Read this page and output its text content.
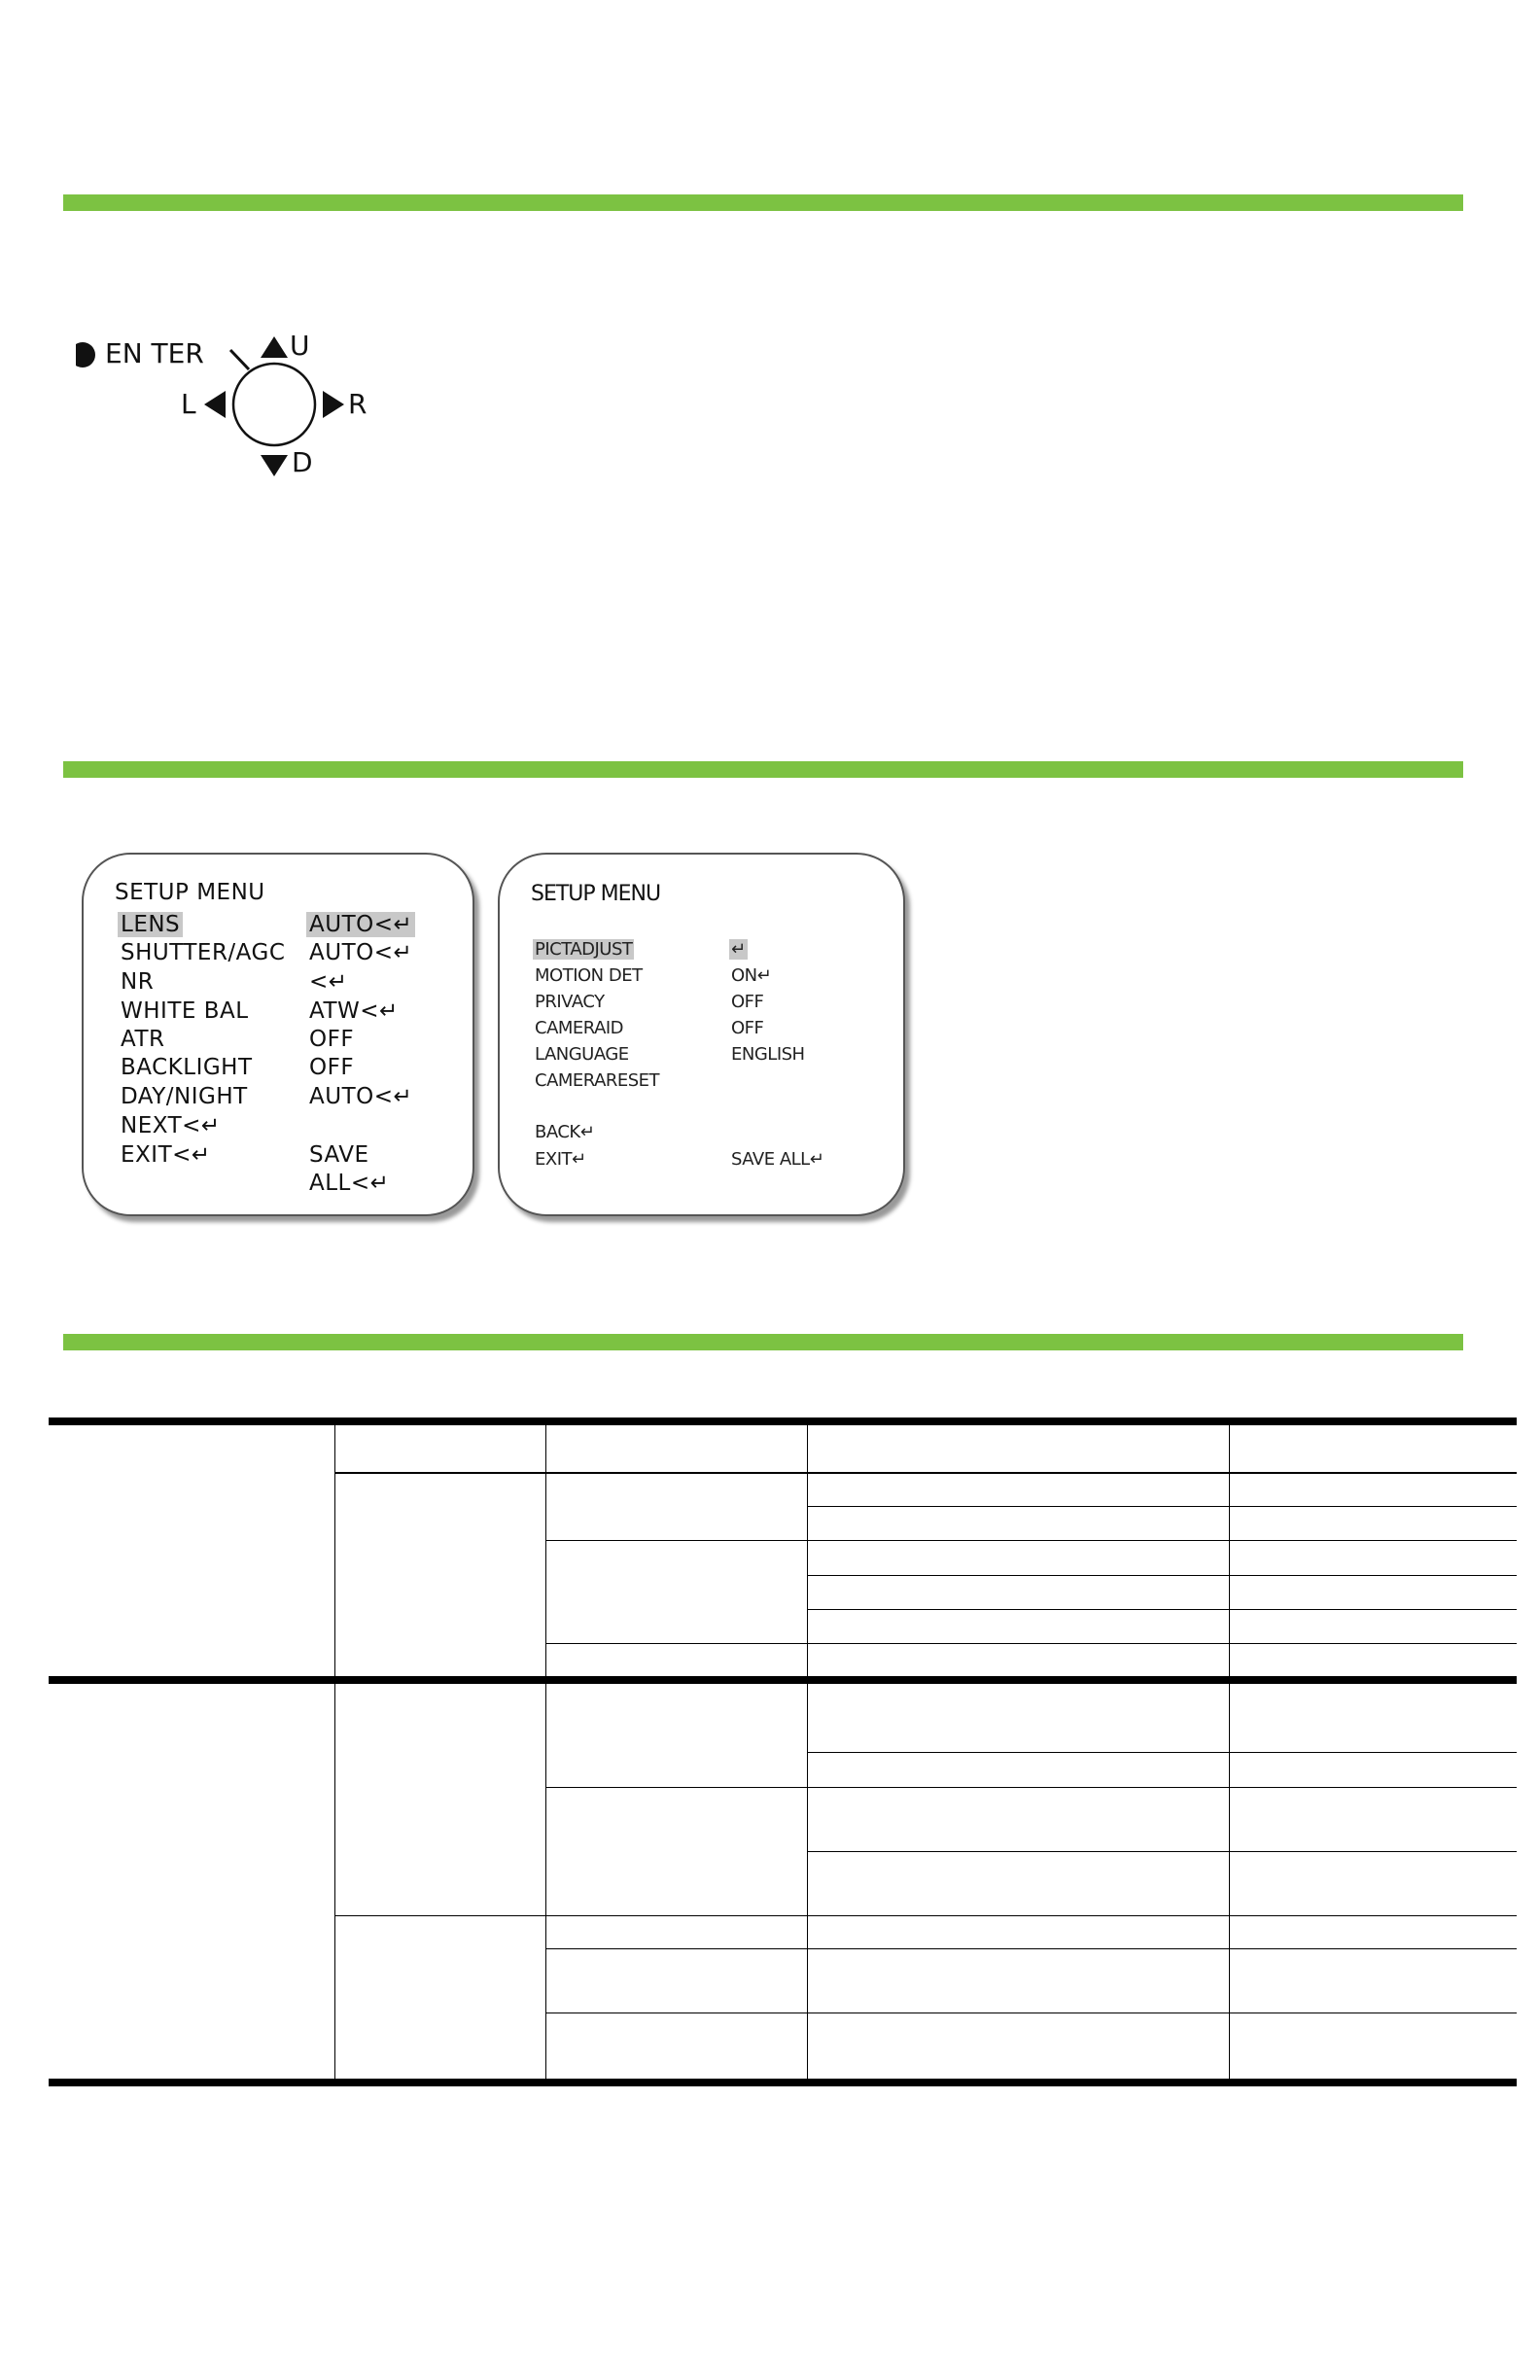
EN TER	U
D
L	R
SETUP MENU
LENS	AUTO<↵
SHUTTER/AGC AUTO<↵
NR	<↵
WHITE BAL	ATW<↵
ATR	OFF
BACKLIGHT	OFF
DAY/NIGHT	AUTO<↵
NEXT<↵
EXIT<↵	SAVE
ALL<↵
SETUP MENU
PICTADJUST	↵
MOTION DET	ON↵
PRIVACY	OFF
CAMERAID	OFF
LANGUAGE	ENGLISH
CAMERARESET
BACK↵
EXIT↵	SAVE ALL↵
